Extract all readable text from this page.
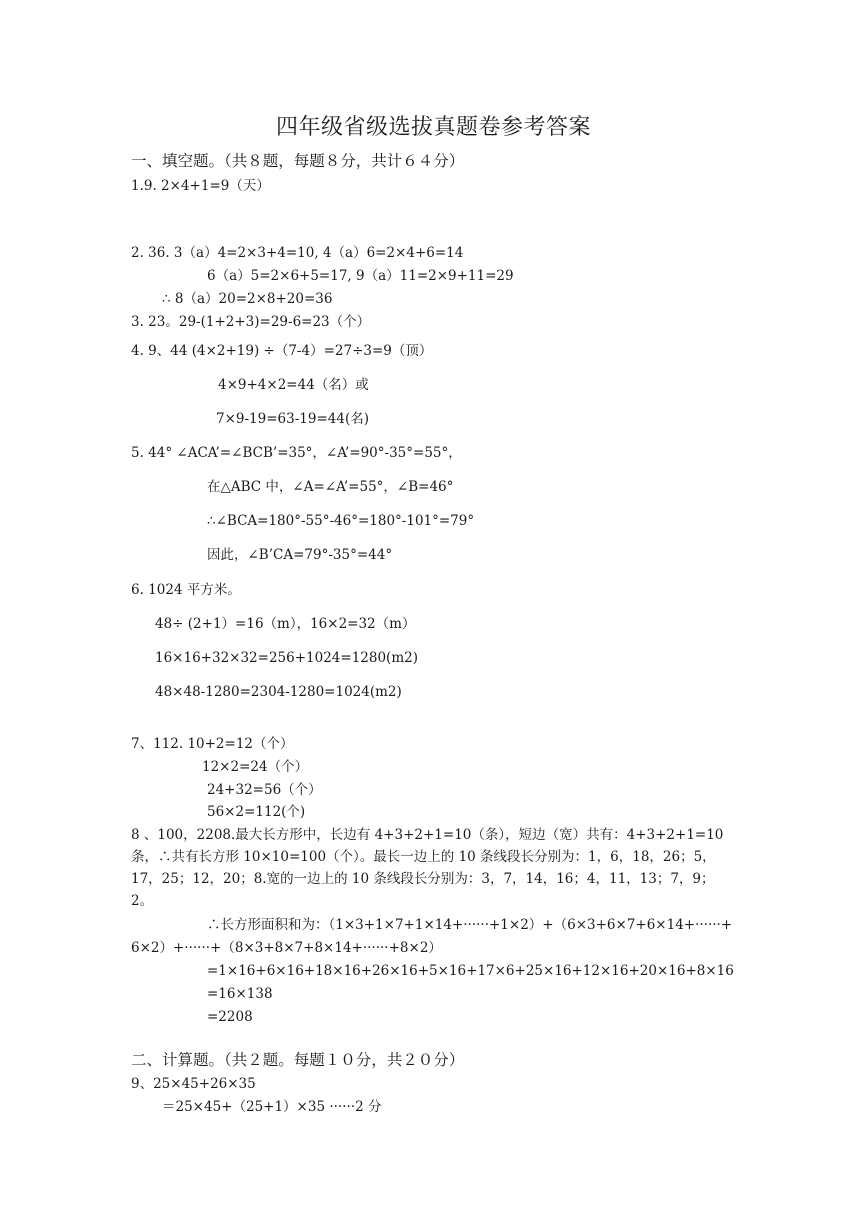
四年级省级选拔真题卷参考答案
一、填空题。（共８题，每题８分，共计６４分）
1.9. 2×4+1=9（天）
2. 36. 3（a）4=2×3+4=10, 4（a）6=2×4+6=14
6（a）5=2×6+5=17, 9（a）11=2×9+11=29
∴ 8（a）20=2×8+20=36
3. 23。29-(1+2+3)=29-6=23（个）
4. 9、44 (4×2+19) ÷（7-4）=27÷3=9（顶）
4×9+4×2=44（名）或
7×9-19=63-19=44(名)
5. 44° ∠ACA’=∠BCB’=35°，∠A’=90°-35°=55°，
在△ABC 中，∠A=∠A’=55°，∠B=46°
∴∠BCA=180°-55°-46°=180°-101°=79°
因此，∠B’CA=79°-35°=44°
6. 1024 平方米。
48÷ (2+1）=16（m），16×2=32（m）
16×16+32×32=256+1024=1280(m2)
48×48-1280=2304-1280=1024(m2)
7、112. 10+2=12（个）
12×2=24（个）
24+32=56（个）
56×2=112(个)
8 、100，2208.最大长方形中，长边有 4+3+2+1=10（条），短边（宽）共有：4+3+2+1=10
条，∴共有长方形 10×10=100（个）。最长一边上的 10 条线段长分别为：1，6，18，26；5，
17，25；12，20；8.宽的一边上的 10 条线段长分别为：3，7，14，16；4，11，13；7，9；
2。
∴长方形面积和为：（1×3+1×7+1×14+······+1×2）+（6×3+6×7+6×14+······+
6×2）+······+（8×3+8×7+8×14+······+8×2）
=1×16+6×16+18×16+26×16+5×16+17×6+25×16+12×16+20×16+8×16
=16×138
=2208
二、计算题。（共２题。每题１０分，共２０分）
9、25×45+26×35
＝25×45+（25+1）×35 ······2 分
